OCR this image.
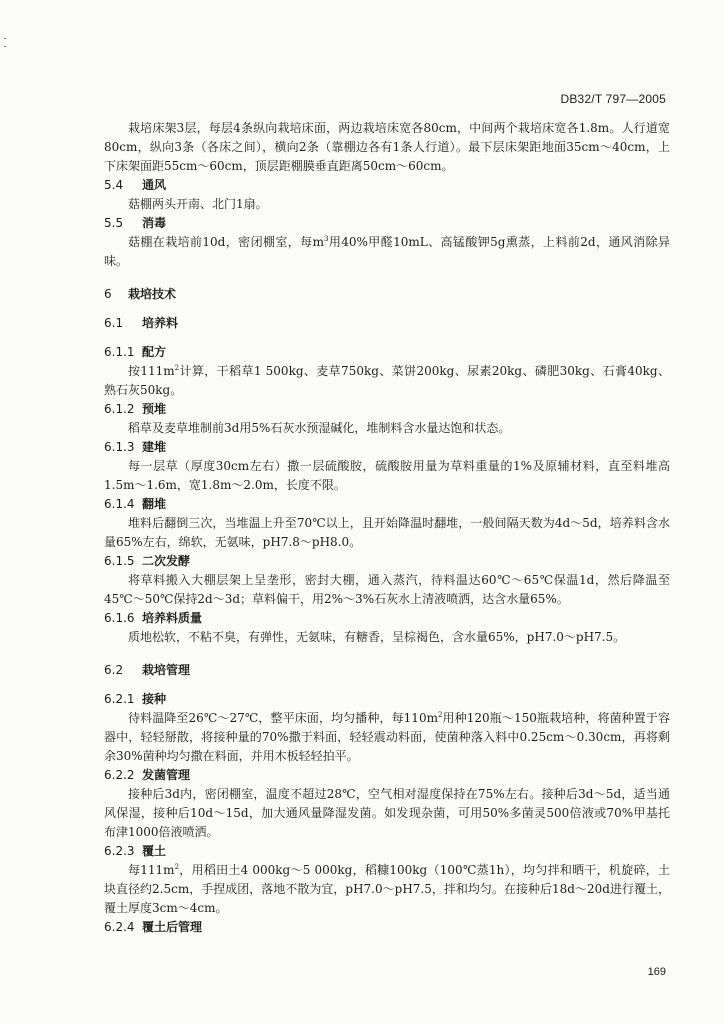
DB32/T 797—2005

栽培床架3层，每层4条纵向栽培床面，两边栽培床宽各80cm，中间两个栽培床宽各1.8m。人行道宽80cm，纵向3条（各床之间），横向2条（靠棚边各有1条人行道）。最下层床架距地面35cm～40cm，上下床架面距55cm～60cm，顶层距棚膜垂直距离50cm～60cm。

5.4 通风

菇棚两头开南、北门1扇。

5.5 消毒

菇棚在栽培前10d，密闭棚室，每$m^3$用40%甲醛10mL、高锰酸钾5g熏蒸，上料前2d，通风消除异味。

6 栽培技术

6.1 培养料

6.1.1 配方

按$111m^2$计算，干稻草1 500kg、麦草750kg、菜饼200kg、尿素20kg、磷肥30kg、石膏40kg、熟石灰50kg。

6.1.2 预堆

稻草及麦草堆制前3d用5%石灰水预湿碱化，堆制料含水量达饱和状态。

6.1.3 建堆

每一层草（厚度30cm左右）撒一层硫酸胺，硫酸胺用量为草料重量的1%及原辅材料，直至料堆高1.5m～1.6m，宽1.8m～2.0m，长度不限。

6.1.4 翻堆

堆料后翻倒三次，当堆温上升至70℃以上，且开始降温时翻堆，一般间隔天数为4d～5d，培养料含水量65%左右，绵软，无氨味，pH7.8～pH8.0。

6.1.5 二次发酵

将草料搬入大棚层架上呈垄形，密封大棚，通入蒸汽，待料温达60℃～65℃保温1d，然后降温至45℃～50℃保持2d～3d；草料偏干，用2%～3%石灰水上清液喷洒，达含水量65%。

6.1.6 培养料质量

质地松软，不粘不臭，有弹性，无氨味，有糖香，呈棕褐色，含水量65%，pH7.0～pH7.5。

6.2 栽培管理

6.2.1 接种

待料温降至26℃～27℃，整平床面，均匀播种，每$110m^2$用种120瓶～150瓶栽培种，将菌种置于容器中，轻轻掰散，将接种量的70%撒于料面，轻轻震动料面，使菌种落入料中0.25cm～0.30cm，再将剩余30%菌种均匀撒在料面，并用木板轻轻拍平。

6.2.2 发菌管理

接种后3d内，密闭棚室，温度不超过28℃，空气相对湿度保持在75%左右。接种后3d～5d，适当通风保湿，接种后10d～15d，加大通风量降湿发菌。如发现杂菌，可用50%多菌灵500倍液或70%甲基托布津1000倍液喷洒。

6.2.3 覆土

每$111m^2$，用稻田土4 000kg～5 000kg，稻糠100kg（100℃蒸1h），均匀拌和晒干，机旋碎，土块直径约2.5cm，手捏成团，落地不散为宜，pH7.0～pH7.5，拌和均匀。在接种后18d～20d进行覆土，覆土厚度3cm～4cm。

6.2.4 覆土后管理

169
